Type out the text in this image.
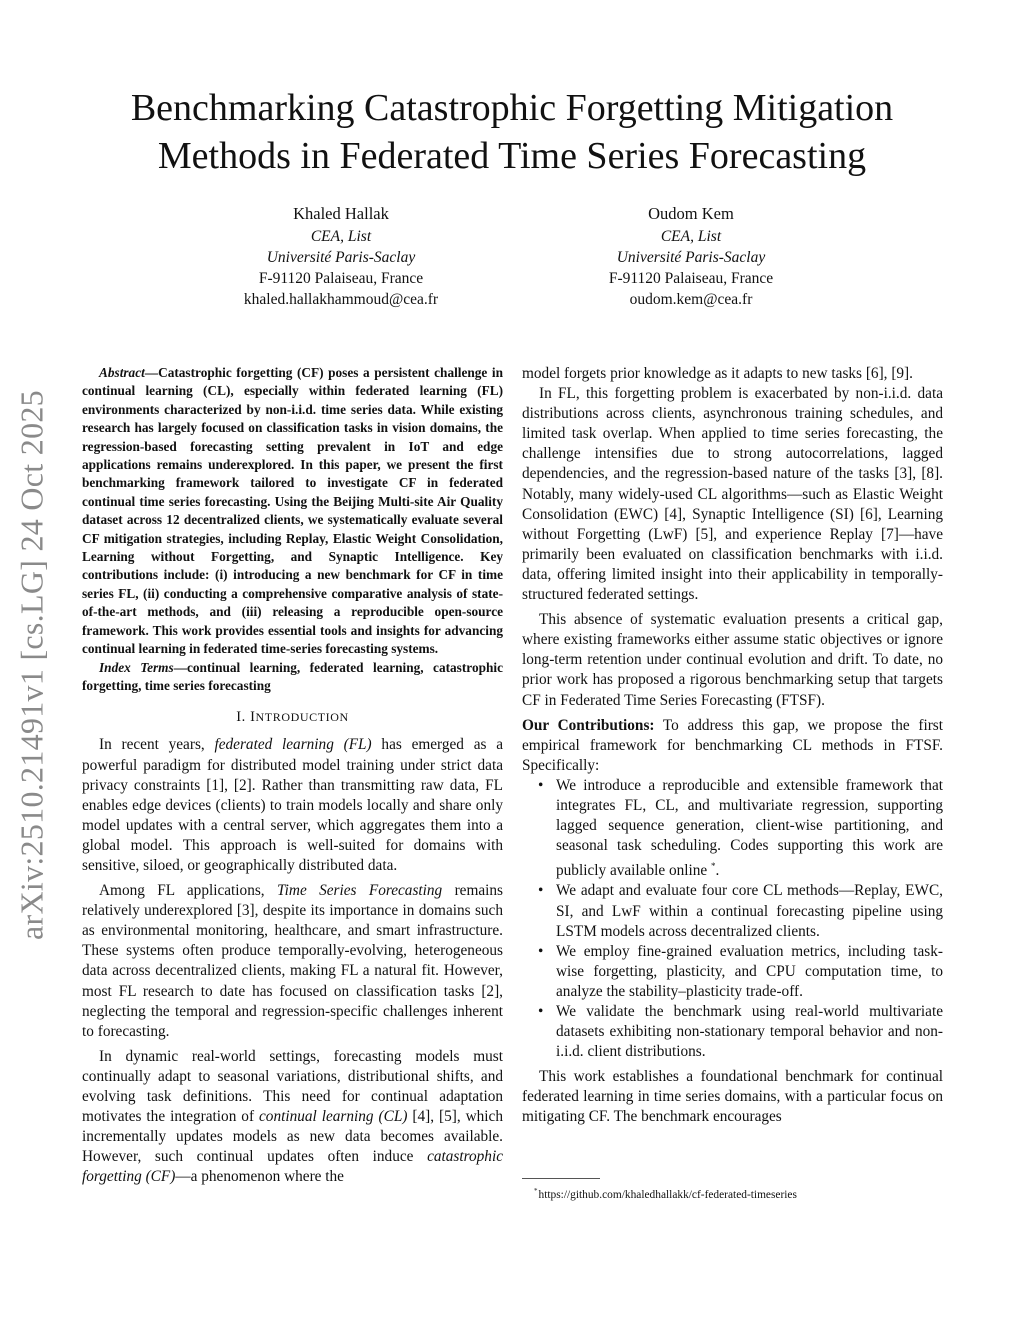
arXiv:2510.21491v1 [cs.LG] 24 Oct 2025
Benchmarking Catastrophic Forgetting Mitigation
Methods in Federated Time Series Forecasting
Khaled Hallak
CEA, List
Université Paris-Saclay
F-91120 Palaiseau, France
khaled.hallakhammoud@cea.fr
Oudom Kem
CEA, List
Université Paris-Saclay
F-91120 Palaiseau, France
oudom.kem@cea.fr

Abstract—Catastrophic forgetting (CF) poses a persistent challenge in continual learning (CL), especially within federated learning (FL) environments characterized by non-i.i.d. time series data. While existing research has largely focused on classification tasks in vision domains, the regression-based forecasting setting prevalent in IoT and edge applications remains underexplored. In this paper, we present the first benchmarking framework tailored to investigate CF in federated continual time series forecasting. Using the Beijing Multi-site Air Quality dataset across 12 decentralized clients, we systematically evaluate several CF mitigation strategies, including Replay, Elastic Weight Consolidation, Learning without Forgetting, and Synaptic Intelligence. Key contributions include: (i) introducing a new benchmark for CF in time series FL, (ii) conducting a comprehensive comparative analysis of state-of-the-art methods, and (iii) releasing a reproducible open-source framework. This work provides essential tools and insights for advancing continual learning in federated time-series forecasting systems.

Index Terms—continual learning, federated learning, catastrophic forgetting, time series forecasting

I. INTRODUCTION

In recent years, federated learning (FL) has emerged as a powerful paradigm for distributed model training under strict data privacy constraints [1], [2]. Rather than transmitting raw data, FL enables edge devices (clients) to train models locally and share only model updates with a central server, which aggregates them into a global model. This approach is well-suited for domains with sensitive, siloed, or geographically distributed data.

Among FL applications, Time Series Forecasting remains relatively underexplored [3], despite its importance in domains such as environmental monitoring, healthcare, and smart infrastructure. These systems often produce temporally-evolving, heterogeneous data across decentralized clients, making FL a natural fit. However, most FL research to date has focused on classification tasks [2], neglecting the temporal and regression-specific challenges inherent to forecasting.

In dynamic real-world settings, forecasting models must continually adapt to seasonal variations, distributional shifts, and evolving task definitions. This need for continual adaptation motivates the integration of continual learning (CL) [4], [5], which incrementally updates models as new data becomes available. However, such continual updates often induce catastrophic forgetting (CF)—a phenomenon where the

model forgets prior knowledge as it adapts to new tasks [6], [9].

In FL, this forgetting problem is exacerbated by non-i.i.d. data distributions across clients, asynchronous training schedules, and limited task overlap. When applied to time series forecasting, the challenge intensifies due to strong autocorrelations, lagged dependencies, and the regression-based nature of the tasks [3], [8]. Notably, many widely-used CL algorithms—such as Elastic Weight Consolidation (EWC) [4], Synaptic Intelligence (SI) [6], Learning without Forgetting (LwF) [5], and experience Replay [7]—have primarily been evaluated on classification benchmarks with i.i.d. data, offering limited insight into their applicability in temporally-structured federated settings.

This absence of systematic evaluation presents a critical gap, where existing frameworks either assume static objectives or ignore long-term retention under continual evolution and drift. To date, no prior work has proposed a rigorous benchmarking setup that targets CF in Federated Time Series Forecasting (FTSF).

Our Contributions: To address this gap, we propose the first empirical framework for benchmarking CL methods in FTSF. Specifically:

• We introduce a reproducible and extensible framework that integrates FL, CL, and multivariate regression, supporting lagged sequence generation, client-wise partitioning, and seasonal task scheduling. Codes supporting this work are publicly available online *.
• We adapt and evaluate four core CL methods—Replay, EWC, SI, and LwF within a continual forecasting pipeline using LSTM models across decentralized clients.
• We employ fine-grained evaluation metrics, including task-wise forgetting, plasticity, and CPU computation time, to analyze the stability–plasticity trade-off.
• We validate the benchmark using real-world multivariate datasets exhibiting non-stationary temporal behavior and non-i.i.d. client distributions.

This work establishes a foundational benchmark for continual federated learning in time series domains, with a particular focus on mitigating CF. The benchmark encourages

*https://github.com/khaledhallakk/cf-federated-timeseries
